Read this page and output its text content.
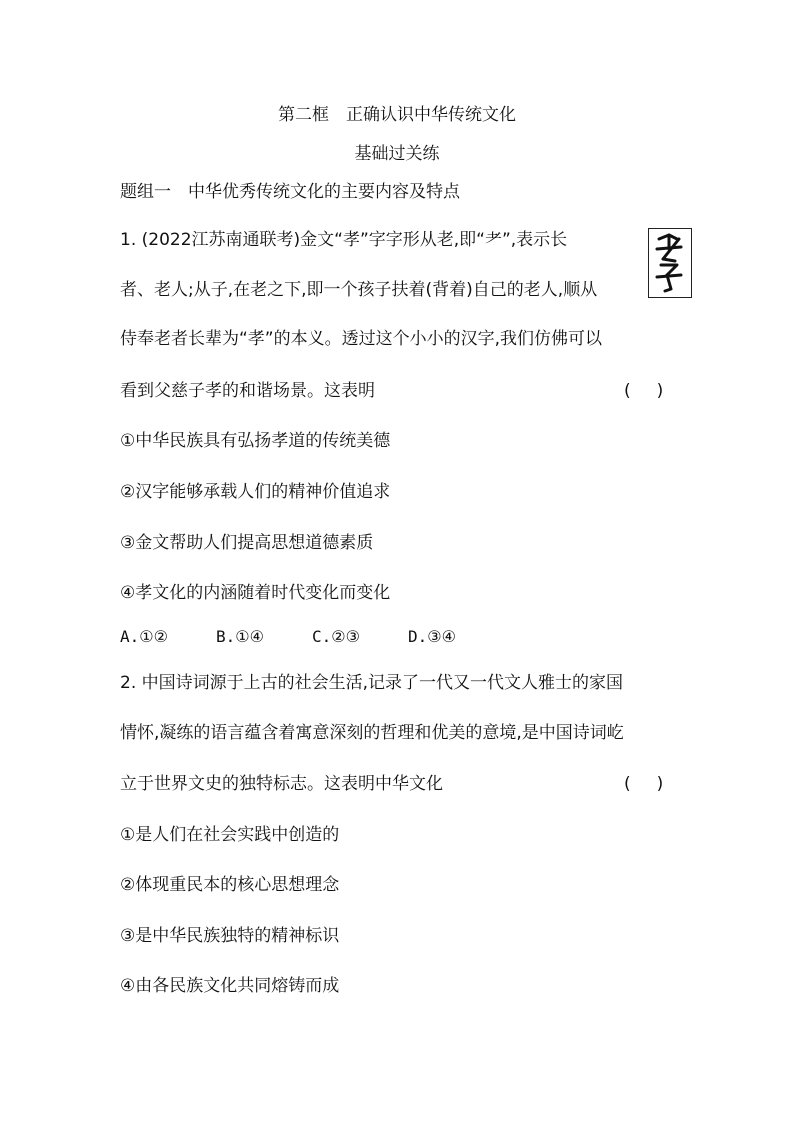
第二框　正确认识中华传统文化
基础过关练
题组一　中华优秀传统文化的主要内容及特点
1. (2022江苏南通联考)金文“孝”字字形从老,即“耂”,表示长
者、老人;从子,在老之下,即一个孩子扶着(背着)自己的老人,顺从
侍奉老者长辈为“孝”的本义。透过这个小小的汉字,我们仿佛可以
看到父慈子孝的和谐场景。这表明	( )
①中华民族具有弘扬孝道的传统美德
②汉字能够承载人们的精神价值追求
③金文帮助人们提高思想道德素质
④孝文化的内涵随着时代变化而变化
A.①②	B.①④	C.②③	D.③④
2. 中国诗词源于上古的社会生活,记录了一代又一代文人雅士的家国
情怀,凝练的语言蕴含着寓意深刻的哲理和优美的意境,是中国诗词屹
立于世界文史的独特标志。这表明中华文化	( )
①是人们在社会实践中创造的
②体现重民本的核心思想理念
③是中华民族独特的精神标识
④由各民族文化共同熔铸而成
